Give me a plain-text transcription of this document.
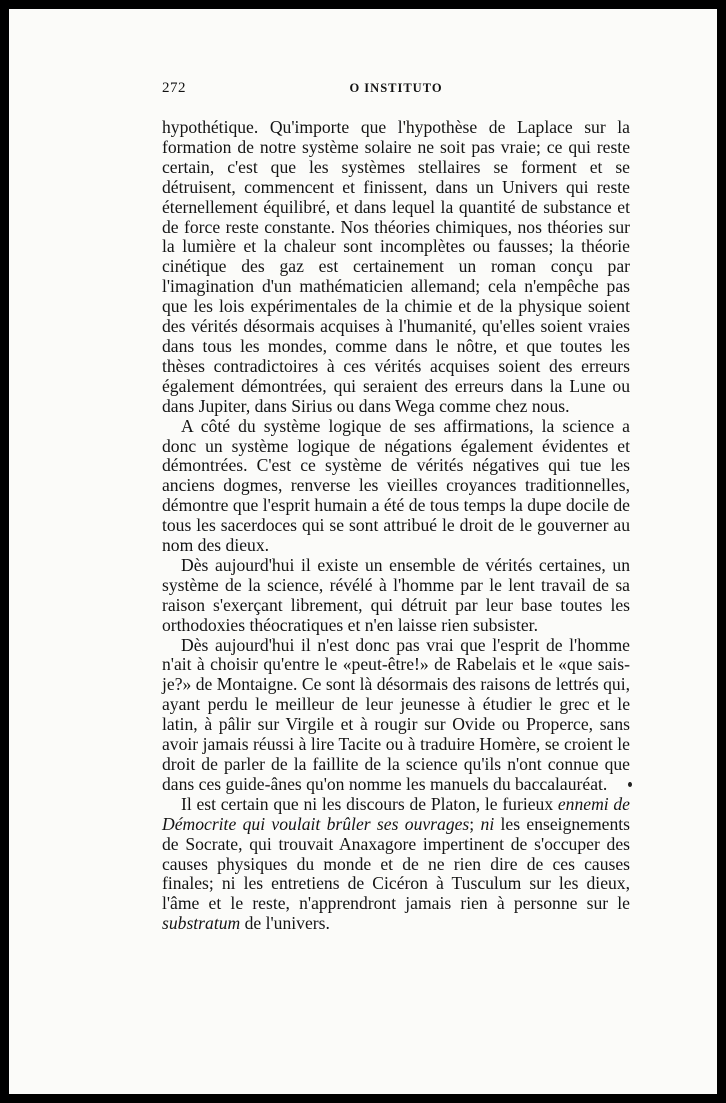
272	O INSTITUTO

hypothétique. Qu'importe que l'hypothèse de Laplace sur la formation de notre système solaire ne soit pas vraie; ce qui reste certain, c'est que les systèmes stellaires se forment et se détruisent, commencent et finissent, dans un Univers qui reste éternellement équilibré, et dans lequel la quantité de substance et de force reste constante. Nos théories chimiques, nos théories sur la lumière et la chaleur sont incomplètes ou fausses; la théorie cinétique des gaz est certainement un roman conçu par l'imagination d'un mathématicien allemand; cela n'empêche pas que les lois expérimentales de la chimie et de la physique soient des vérités désormais acquises à l'humanité, qu'elles soient vraies dans tous les mondes, comme dans le nôtre, et que toutes les thèses contradictoires à ces vérités acquises soient des erreurs également démontrées, qui seraient des erreurs dans la Lune ou dans Jupiter, dans Sirius ou dans Wega comme chez nous.

A côté du système logique de ses affirmations, la science a donc un système logique de négations également évidentes et démontrées. C'est ce système de vérités négatives qui tue les anciens dogmes, renverse les vieilles croyances traditionnelles, démontre que l'esprit humain a été de tous temps la dupe docile de tous les sacerdoces qui se sont attribué le droit de le gouverner au nom des dieux.

Dès aujourd'hui il existe un ensemble de vérités certaines, un système de la science, révélé à l'homme par le lent travail de sa raison s'exerçant librement, qui détruit par leur base toutes les orthodoxies théocratiques et n'en laisse rien subsister.

Dès aujourd'hui il n'est donc pas vrai que l'esprit de l'homme n'ait à choisir qu'entre le «peut-être!» de Rabelais et le «que sais-je?» de Montaigne. Ce sont là désormais des raisons de lettrés qui, ayant perdu le meilleur de leur jeunesse à étudier le grec et le latin, à pâlir sur Virgile et à rougir sur Ovide ou Properce, sans avoir jamais réussi à lire Tacite ou à traduire Homère, se croient le droit de parler de la faillite de la science qu'ils n'ont connue que dans ces guide-ânes qu'on nomme les manuels du baccalauréat.

Il est certain que ni les discours de Platon, le furieux ennemi de Démocrite qui voulait brûler ses ouvrages; ni les enseignements de Socrate, qui trouvait Anaxagore impertinent de s'occuper des causes physiques du monde et de ne rien dire de ces causes finales; ni les entretiens de Cicéron à Tusculum sur les dieux, l'âme et le reste, n'apprendront jamais rien à personne sur le substratum de l'univers.
